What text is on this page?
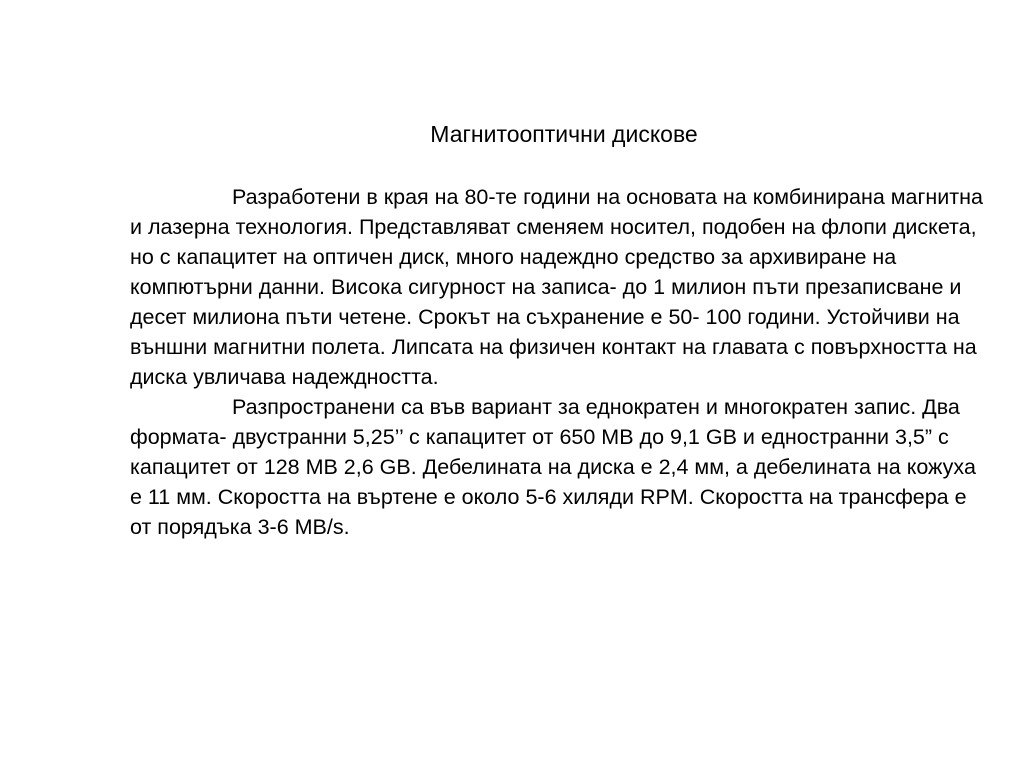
Магнитооптични дискове

Разработени в края на 80-те години на основата на комбинирана магнитна и лазерна технология. Представляват сменяем носител, подобен на флопи дискета, но с капацитет на оптичен диск, много надеждно средство за архивиране на компютърни данни. Висока сигурност на записа- до 1 милион пъти презаписване и десет милиона пъти четене. Срокът на съхранение е 50- 100 години. Устойчиви на външни магнитни полета. Липсата на физичен контакт на главата с повърхността на диска увличава надеждността.

Разпространени са във вариант за еднократен и многократен запис. Два формата- двустранни 5,25’’ с капацитет от 650 MB до 9,1 GB и едностранни 3,5” с капацитет от 128 MB 2,6 GB. Дебелината на диска е 2,4 мм, а дебелината на кожуха е 11 мм. Скоростта на въртене е около 5-6 хиляди RPM. Скоростта на трансфера е от порядъка 3-6 MB/s.
